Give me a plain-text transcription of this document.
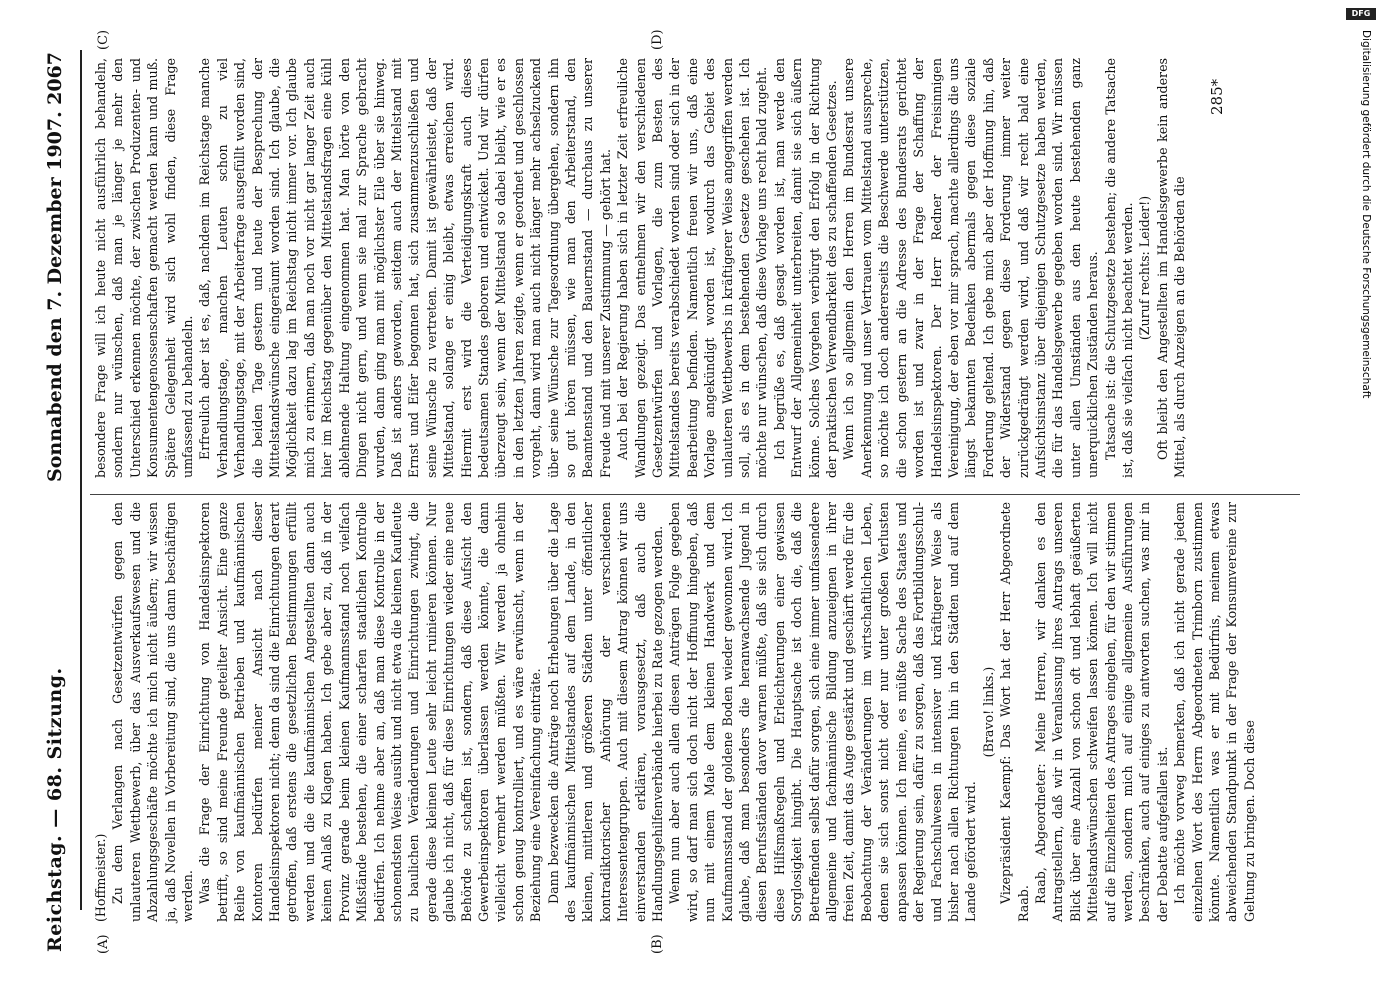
Reichstag. — 68. Sitzung.
2067
Sonnabend den 7. Dezember 1907.
(A)	(B)
(C)	(D)

(Hoffmeister.) Zu dem Verlangen nach Gesetzentwürfen gegen den unlauteren Wettbewerb, über das Ausverkaufswesen und die Abzahlungsgeschäfte möchte ich mich nicht äußern; wir wissen ja, daß Novellen in Vorbereitung sind, die uns dann beschäftigen werden. Was die Frage der Einrichtung von Handelsinspektoren betrifft, so sind meine Freunde geteilter Ansicht. Eine ganze Reihe von kaufmännischen Betrieben und kaufmännischen Kontoren bedürfen meiner Ansicht nach dieser Handelsinspektoren nicht; denn da sind die Einrichtungen derart getroffen, daß erstens die gesetzlichen Bestimmungen erfüllt werden und die die kaufmännischen Angestellten dann auch keinen Anlaß zu Klagen haben. Ich gebe aber zu, daß in der Provinz gerade beim kleinen Kaufmannsstand noch vielfach Mißstände bestehen, die einer scharfen staatlichen Kontrolle bedürfen. Ich nehme aber an, daß man diese Kontrolle in der schonendsten Weise ausübt und nicht etwa die kleinen Kaufleute zu baulichen Veränderungen und Einrichtungen zwingt, die gerade diese kleinen Leute sehr leicht ruinieren können. Nur glaube ich nicht, daß für diese Einrichtungen wieder eine neue Behörde zu schaffen ist, sondern, daß diese Aufsicht den Gewerbeinspektoren überlassen werden könnte, die dann vielleicht vermehrt werden müßten. Wir werden ja ohnehin schon genug kontrolliert, und es wäre erwünscht, wenn in der Beziehung eine Vereinfachung einträte. Dann bezwecken die Anträge noch Erhebungen über die Lage des kaufmännischen Mittelstandes auf dem Lande, in den kleinen, mittleren und größeren Städten unter öffentlicher kontradiktorischer Anhörung der verschiedenen Interessentengruppen. Auch mit diesem Antrag können wir uns einverstanden erklären, vorausgesetzt, daß auch die Handlungsgehilfenverbände hierbei zu Rate gezogen werden. Wenn nun aber auch allen diesen Anträgen Folge gegeben wird, so darf man sich doch nicht der Hoffnung hingeben, daß nun mit einem Male dem kleinen Handwerk und dem Kaufmannsstand der goldene Boden wieder gewonnen wird. Ich glaube, daß man besonders die heranwachsende Jugend in diesen Berufsständen davor warnen müßte, daß sie sich durch diese Hilfsmaßregeln und Erleichterungen einer gewissen Sorglosigkeit hingibt. Die Hauptsache ist doch die, daß die Betreffenden selbst dafür sorgen, sich eine immer umfassendere allgemeine und fachmännische Bildung anzueignen in ihrer freien Zeit, damit das Auge gestärkt und geschärft werde für die Beobachtung der Veränderungen im wirtschaftlichen Leben, denen sie sich sonst nicht oder nur unter großen Verlusten anpassen können. Ich meine, es müßte Sache des Staates und der Regierung sein, dafür zu sorgen, daß das Fortbildungsschul- und Fachschulwesen in intensiver und kräftigerer Weise als bisher nach allen Richtungen hin in den Städten und auf dem Lande gefördert wird.

(Bravo! links.) Vizepräsident Kaempf: Das Wort hat der Herr Abgeordnete Raab. Raab, Abgeordneter: Meine Herren, wir danken es den Antragstellern, daß wir in Veranlassung ihres Antrags unseren Blick über eine Anzahl von schon oft und lebhaft geäußerten Mittelstandswünschen schweifen lassen können. Ich will nicht auf die Einzelheiten des Antrages eingehen, für den wir stimmen werden, sondern mich auf einige allgemeine Ausführungen beschränken, auch auf einiges zu antworten suchen, was mir in der Debatte aufgefallen ist. Ich möchte vorweg bemerken, daß ich nicht gerade jedem einzelnen Wort des Herrn Abgeordneten Trimborn zustimmen könnte. Namentlich was er mit Bedürfnis, meinem etwas abweichenden Standpunkt in der Frage der Konsumvereine zur Geltung zu bringen. Doch diese

besondere Frage will ich heute nicht ausführlich behandeln, sondern nur wünschen, daß man je länger je mehr den Unterschied erkennen möchte, der zwischen Produzenten- und Konsumentengenossenschaften gemacht werden kann und muß. Spätere Gelegenheit wird sich wohl finden, diese Frage umfassend zu behandeln. Erfreulich aber ist es, daß, nachdem im Reichstage manche Verhandlungstage, manchen Leuten schon zu viel Verhandlungstage, mit der Arbeiterfrage ausgefüllt worden sind, die beiden Tage gestern und heute der Besprechung der Mittelstandswünsche eingeräumt worden sind. Ich glaube, die Möglichkeit dazu lag im Reichstag nicht immer vor. Ich glaube mich zu erinnern, daß man noch vor nicht gar langer Zeit auch hier im Reichstag gegenüber den Mittelstandsfragen eine kühl ablehnende Haltung eingenommen hat. Man hörte von den Dingen nicht gern, und wenn sie mal zur Sprache gebracht wurden, dann ging man mit möglichster Eile über sie hinweg. Daß ist anders geworden, seitdem auch der Mittelstand mit Ernst und Eifer begonnen hat, sich zusammenzuschließen und seine Wünsche zu vertreten. Damit ist gewährleistet, daß der Mittelstand, solange er einig bleibt, etwas erreichen wird. Hiermit erst wird die Verteidigungskraft auch dieses bedeutsamen Standes geboren und entwickelt. Und wir dürfen überzeugt sein, wenn der Mittelstand so dabei bleibt, wie er es in den letzten Jahren zeigte, wenn er geordnet und geschlossen vorgeht, dann wird man auch nicht länger mehr achselzuckend über seine Wünsche zur Tagesordnung übergehen, sondern ihn so gut hören müssen, wie man den Arbeiterstand, den Beamtenstand und den Bauernstand — durchaus zu unserer Freude und mit unserer Zustimmung — gehört hat. Auch bei der Regierung haben sich in letzter Zeit erfreuliche Wandlungen gezeigt. Das entnehmen wir den verschiedenen Gesetzentwürfen und Vorlagen, die zum Besten des Mittelstandes bereits verabschiedet worden sind oder sich in der Bearbeitung befinden. Namentlich freuen wir uns, daß eine Vorlage angekündigt worden ist, wodurch das Gebiet des unlauteren Wettbewerbs in kräftigerer Weise angegriffen werden soll, als es in dem bestehenden Gesetze geschehen ist. Ich möchte nur wünschen, daß diese Vorlage uns recht bald zugeht. Ich begrüße es, daß gesagt worden ist, man werde den Entwurf der Allgemeinheit unterbreiten, damit sie sich äußern könne. Solches Vorgehen verbürgt den Erfolg in der Richtung der praktischen Verwendbarkeit des zu schaffenden Gesetzes. Wenn ich so allgemein den Herren im Bundesrat unsere Anerkennung und unser Vertrauen vom Mittelstand ausspreche, so möchte ich doch andererseits die Beschwerde unterstützen, die schon gestern an die Adresse des Bundesrats gerichtet worden ist und zwar in der Frage der Schaffung der Handelsinspektoren. Der Herr Redner der Freisinnigen Vereinigung, der eben vor mir sprach, machte allerdings die uns längst bekannten Bedenken abermals gegen diese soziale Forderung geltend. Ich gebe mich aber der Hoffnung hin, daß der Widerstand gegen diese Forderung immer weiter zurückgedrängt werden wird, und daß wir recht bald eine Aufsichtsinstanz über diejenigen Schutzgesetze haben werden, die für das Handelsgewerbe gegeben worden sind. Wir müssen unter allen Umständen aus den heute bestehenden ganz unerquicklichen Zuständen heraus. Tatsache ist: die Schutzgesetze bestehen; die andere Tatsache ist, daß sie vielfach nicht beachtet werden. (Zuruf rechts: Leider!) Oft bleibt den Angestellten im Handelsgewerbe kein anderes Mittel, als durch Anzeigen an die Behörden die

285*	Digitalisierung gefördert durch die Deutsche Forschungsgemeinschaft
DFG
